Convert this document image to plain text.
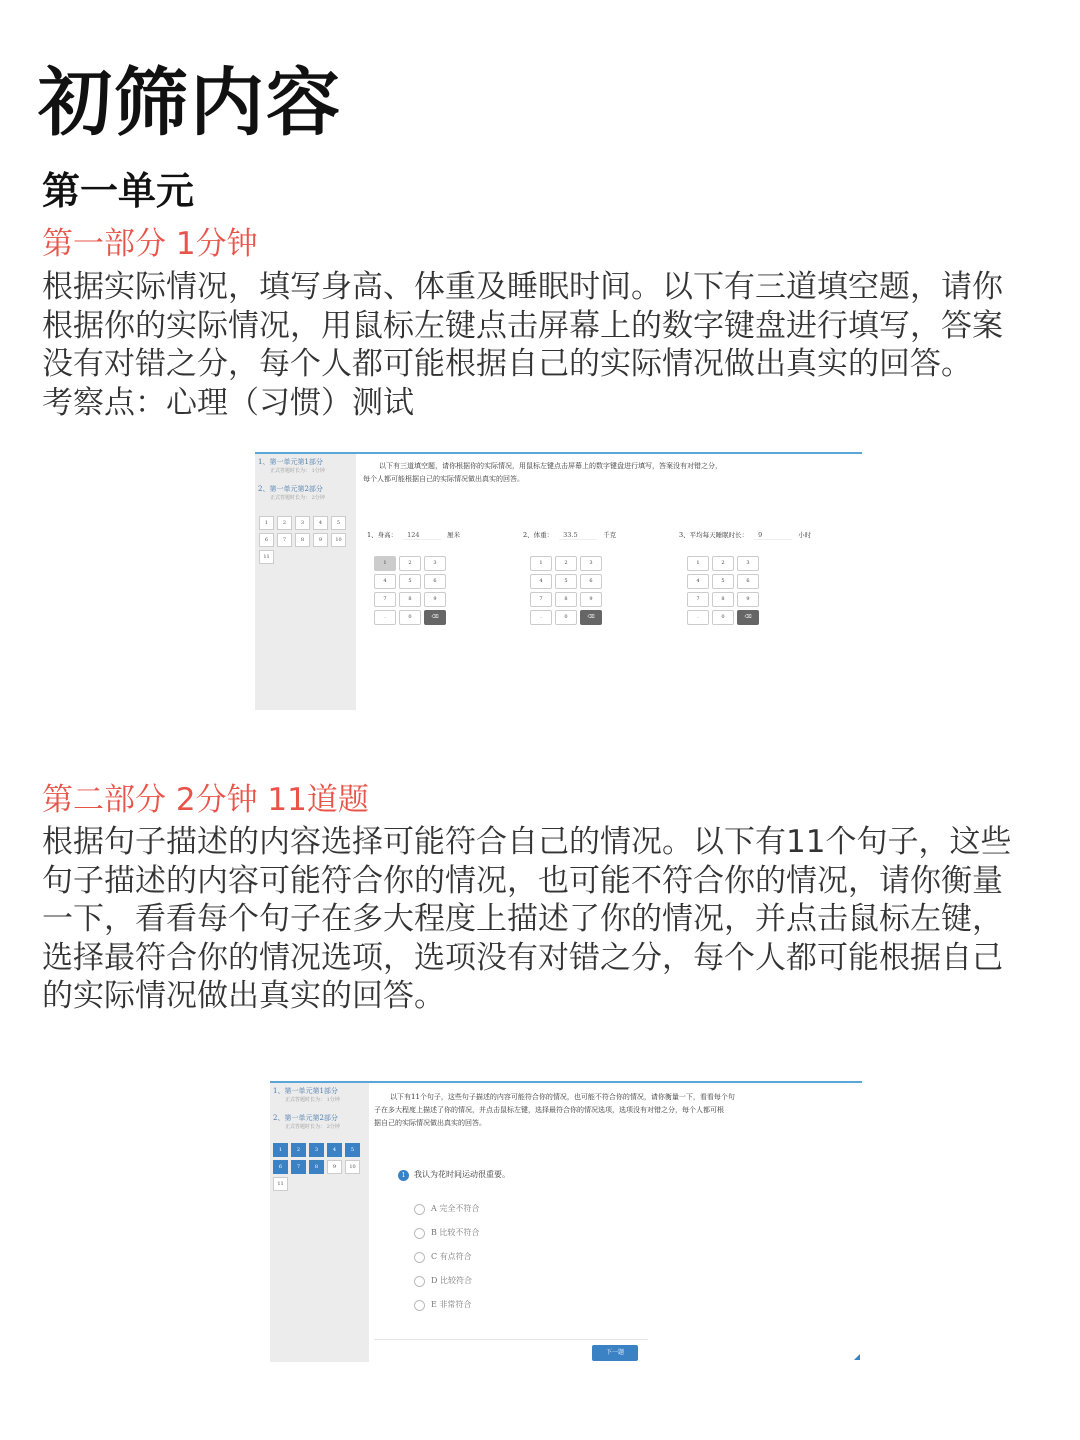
初筛内容
第一单元
第一部分 1分钟

根据实际情况，填写身高、体重及睡眠时间。以下有三道填空题，请你

根据你的实际情况，用鼠标左键点击屏幕上的数字键盘进行填写，答案

没有对错之分，每个人都可能根据自己的实际情况做出真实的回答。

考察点：心理（习惯）测试

1、第一单元第1部分
正式答题时长为： 1分钟
2、第一单元第2部分
正式答题时长为： 2分钟
1	2	3	4	5
6	7	8	9	10
11
以下有三道填空题，请你根据你的实际情况，用鼠标左键点击屏幕上的数字键盘进行填写，答案没有对错之分，
每个人都可能根据自己的实际情况做出真实的回答。
1、身高： 124	厘米	2、体重： 33.5	千克	3、平均每天睡眠时长： 9	小时
1	2	3
4	5	6
7	8	9
.	0	⌫
1	2	3
4	5	6
7	8	9
.	0	⌫
1	2	3
4	5	6
7	8	9
.	0	⌫
第二部分 2分钟 11道题

根据句子描述的内容选择可能符合自己的情况。以下有11个句子，这些

句子描述的内容可能符合你的情况，也可能不符合你的情况，请你衡量

一下，看看每个句子在多大程度上描述了你的情况，并点击鼠标左键，

选择最符合你的情况选项，选项没有对错之分，每个人都可能根据自己

的实际情况做出真实的回答。

1、第一单元第1部分
正式答题时长为： 1分钟
2、第一单元第2部分
正式答题时长为： 2分钟
1	2	3	4	5
6	7	8	9	10
11
以下有11个句子，这些句子描述的内容可能符合你的情况，也可能不符合你的情况，请你衡量一下，看看每个句
子在多大程度上描述了你的情况，并点击鼠标左键，选择最符合你的情况选项，选项没有对错之分，每个人都可根
据自己的实际情况做出真实的回答。
1 我认为花时间运动很重要。
A 完全不符合
B 比较不符合
C 有点符合
D 比较符合
E 非常符合
下一题
